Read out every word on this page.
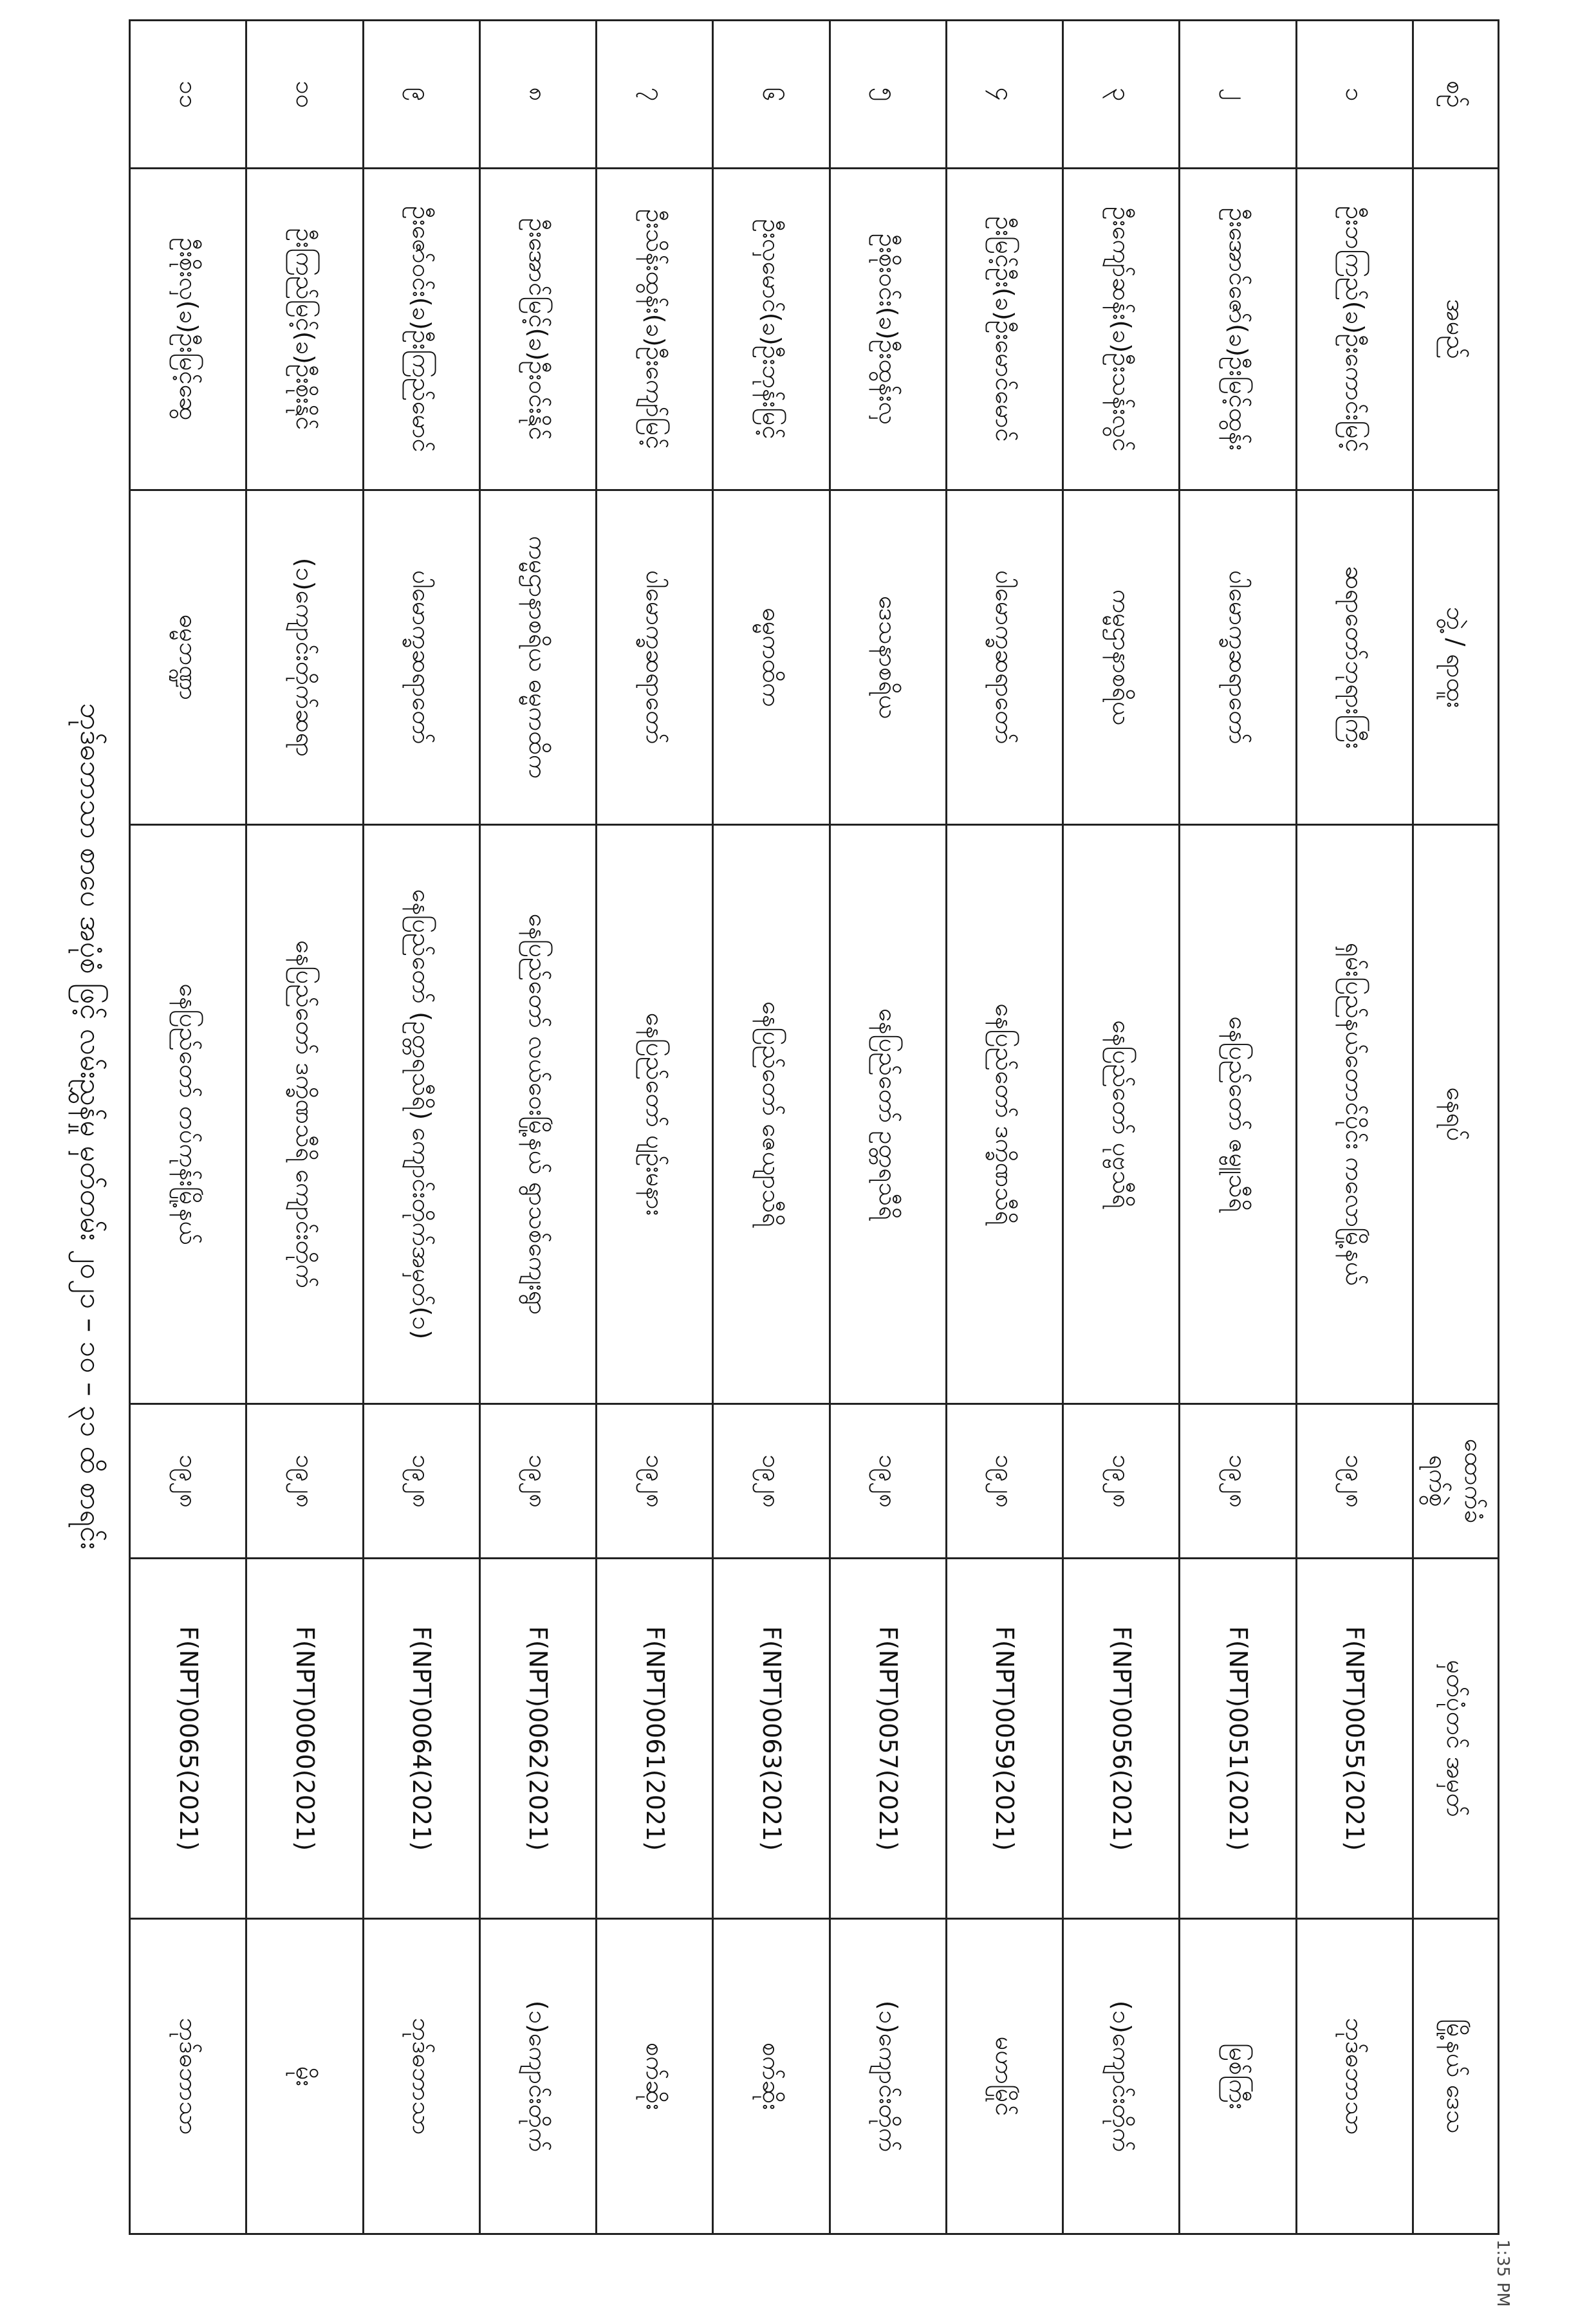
စဉ်	အမည်	ဘွဲ့ / ရာထူး	နေရပ်	ထောက်ခံ ရက်စွဲ	မှတ်ပုံတင် အမှတ်	မြို့နယ် ဒေသ
၁	ဦးဘကြည်(ခ)ဦးကောင်းမြင့်	ဆရာတော်ဘုရားကြီး	ရှမ်းပြည်နယ်တောင်ပိုင်း ကလောမြို့နယ်	၁၉၂၈	F(NPT)0055(2021)	ဘုဒ်ဓဘာသာ
၂	ဦးအောင်ဇော်(ခ)ဦးမြင့်ထွန်း	ပါမောက္ခဆရာတော်	နေပြည်တော် ဇမ္ဗူသီရိ	၁၉၂၈	F(NPT)0051(2021)	မြစ်ကြီး
၃	ဦးကျော်ဆန်း(ခ)ဦးသန်းလွင်	ကမ္မဌာနာစရိယ	နေပြည်တော် ပုဗ္ဗသီရိ	၁၉၂၈	F(NPT)0056(2021)	(၁)ကျောင်းတိုက်
၄	ဦးမြင့်ဦး(ခ)ဦးမောင်မောင်	ပါမောက္ခဆရာတော်	နေပြည်တော် ဒက္ခိဏသီရိ	၁၉၂၈	F(NPT)0059(2021)	မဟာမြိုင်
၅	ဦးစိုးဝင်း(ခ)ဦးထွန်းလှ	ဒေသနာစရိယ	နေပြည်တော် ဥတ္တရသီရိ	၁၉၂၈	F(NPT)0057(2021)	(၁)ကျောင်းတိုက်
၆	ဦးလှမောင်(ခ)ဦးဘုန်းမြင့်	ဓမ္မကထိက	နေပြည်တော် ဇေယျာသီရိ	၁၉၂၈	F(NPT)0063(2021)	စက်ဆိုး
၇	ဦးသိန်းထွန်း(ခ)ဦးကျော်မြင့်	ပါမောက္ခဆရာတော်	နေပြည်တော် ပျဉ်းမနား	၁၉၂၈	F(NPT)0061(2021)	စက်ဆိုး
၈	ဦးအောင်မြင့်(ခ)ဦးဝင်းနိုင်	ကမ္မဌာနာစရိယ ဓမ္မကထိက	နေပြည်တော် လယ်ဝေးမြို့နယ် ရွာသစ်ကျေးရွာ	၁၉၂၈	F(NPT)0062(2021)	(၁)ကျောင်းတိုက်
၉	ဦးဇော်ဝင်း(ခ)ဦးကြည်မောင်	ပါမောက္ခဆရာတော်	နေပြည်တော် (ဥတ္တရသီရိ) ကျောင်းတိုက်အမှတ်(၁)	၁၉၂၈	F(NPT)0064(2021)	ဘုဒ်ဓဘာသာ
၁၀	ဦးကြည်မြင့်(ခ)ဦးစိုးနိုင်	(၁)ကျောင်းတိုက်ဆရာ	နေပြည်တော် ဒက္ခိဏသီရိ ကျောင်းတိုက်	၁၉၂၈	F(NPT)0060(2021)	မိုး
၁၁	ဦးစိုးလှ(ခ)ဦးမြင့်ဆွေ	ဓမ္မဘဏ္ဍာ	နေပြည်တော် တပ်ကုန်းမြို့နယ်	၁၉၂၈	F(NPT)0065(2021)	ဘုဒ်ဓဘာသာ
ဘုဒ်ဓဘာသာ စာပေ အပုံစံ ဖြင့် လမ်းညွှန်မှု မှတ်တမ်း ၂၀၂၁ – ၁၀ – ၃၁ ထိ စာရင်း
1:35 PM
